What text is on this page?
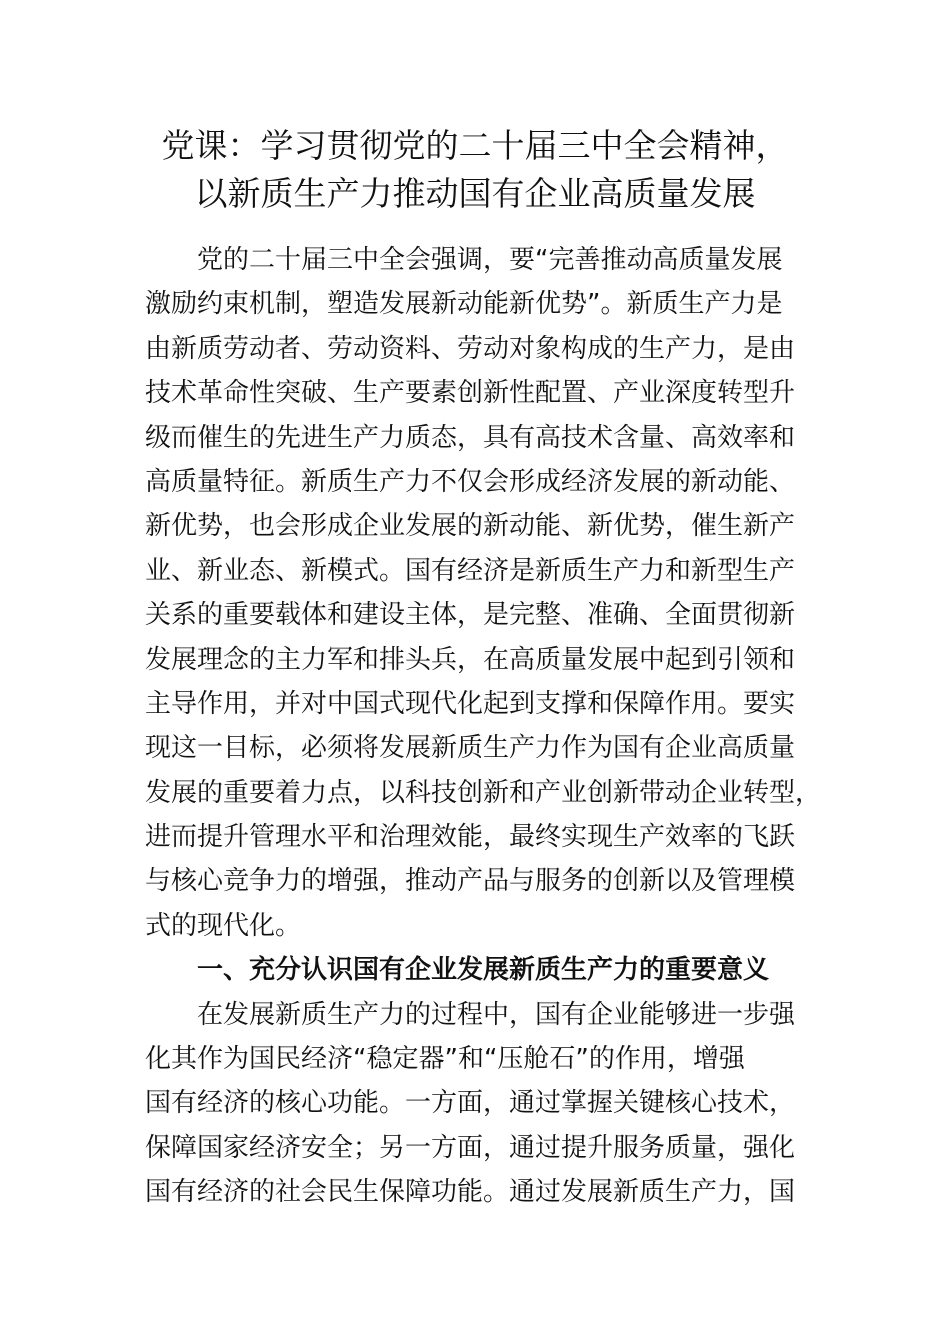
党课：学习贯彻党的二十届三中全会精神，
以新质生产力推动国有企业高质量发展
党的二十届三中全会强调，要“完善推动高质量发展
激励约束机制，塑造发展新动能新优势”。新质生产力是
由新质劳动者、劳动资料、劳动对象构成的生产力，是由
技术革命性突破、生产要素创新性配置、产业深度转型升
级而催生的先进生产力质态，具有高技术含量、高效率和
高质量特征。新质生产力不仅会形成经济发展的新动能、
新优势，也会形成企业发展的新动能、新优势，催生新产
业、新业态、新模式。国有经济是新质生产力和新型生产
关系的重要载体和建设主体，是完整、准确、全面贯彻新
发展理念的主力军和排头兵，在高质量发展中起到引领和
主导作用，并对中国式现代化起到支撑和保障作用。要实
现这一目标，必须将发展新质生产力作为国有企业高质量
发展的重要着力点，以科技创新和产业创新带动企业转型，
进而提升管理水平和治理效能，最终实现生产效率的飞跃
与核心竞争力的增强，推动产品与服务的创新以及管理模
式的现代化。
一、充分认识国有企业发展新质生产力的重要意义
在发展新质生产力的过程中，国有企业能够进一步强
化其作为国民经济“稳定器”和“压舱石”的作用，增强
国有经济的核心功能。一方面，通过掌握关键核心技术，
保障国家经济安全；另一方面，通过提升服务质量，强化
国有经济的社会民生保障功能。通过发展新质生产力，国
